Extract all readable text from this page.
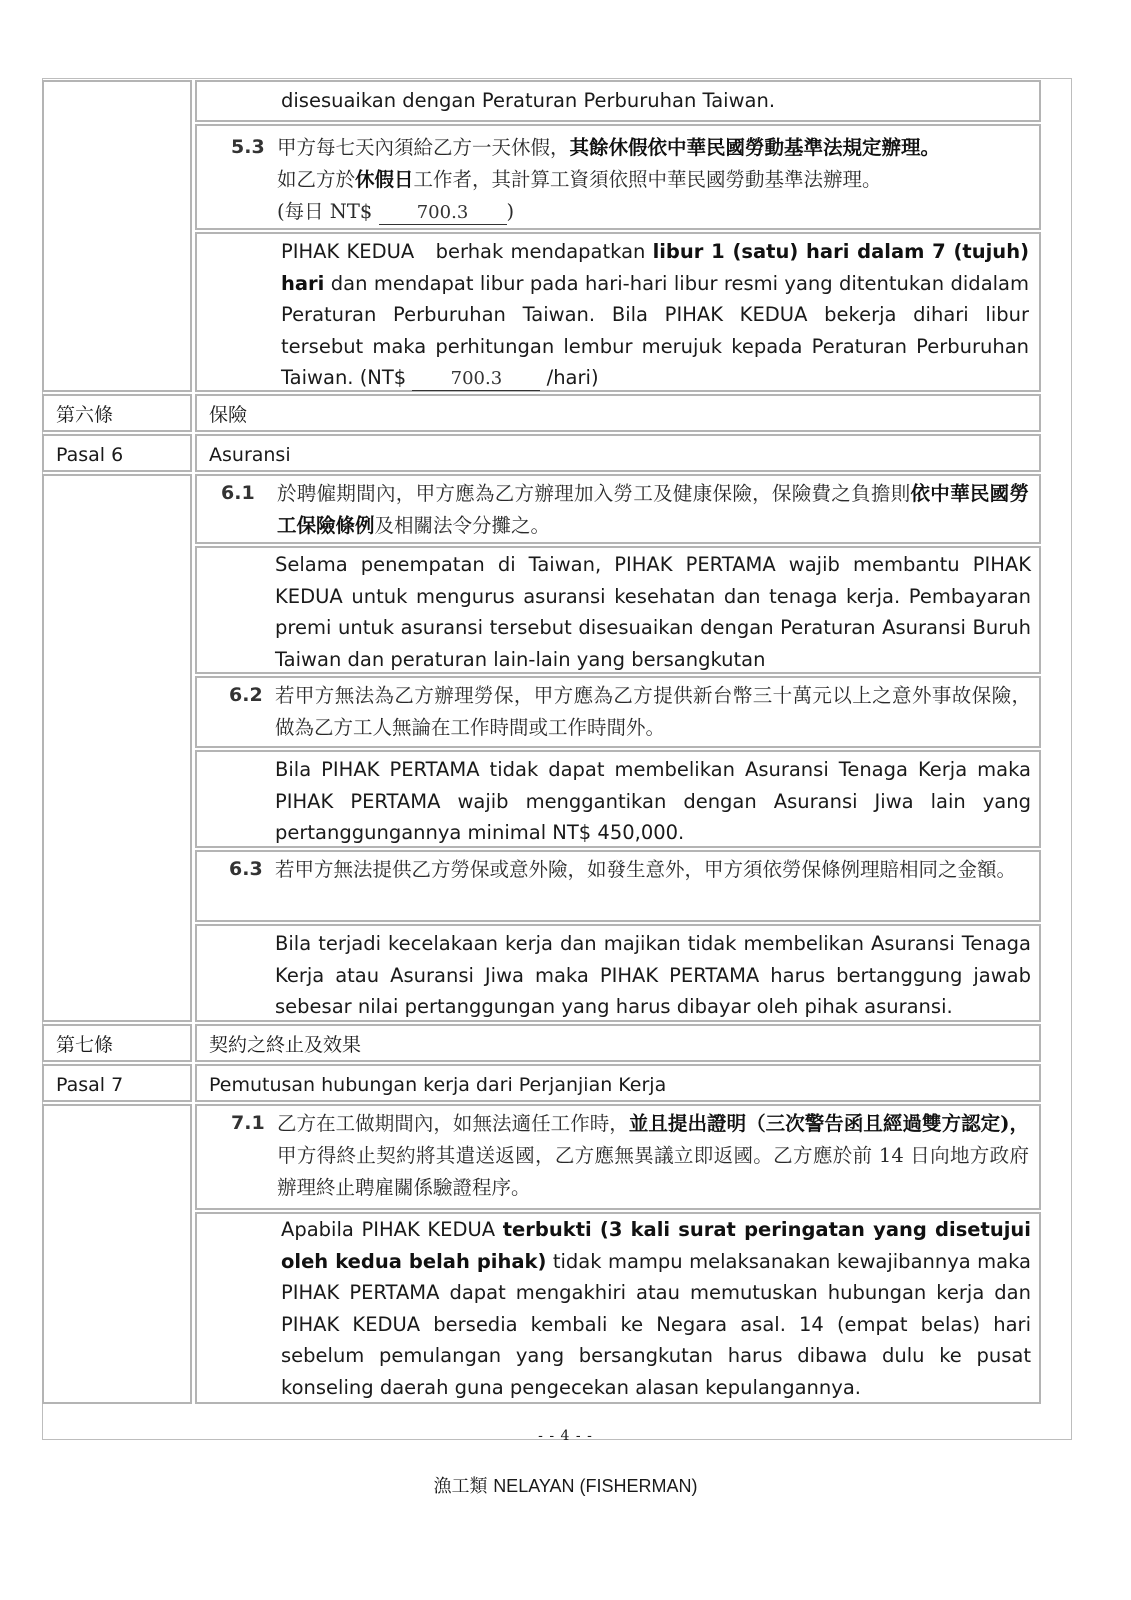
disesuaikan dengan Peraturan Perburuhan Taiwan.
5.3 甲方每七天內須給乙方一天休假，其餘休假依中華民國勞動基準法規定辦理。
如乙方於休假日工作者，其計算工資須依照中華民國勞動基準法辦理。
(每日 NT$ 700.3 )
PIHAK KEDUA　berhak mendapatkan libur 1 (satu) hari dalam 7 (tujuh) hari dan mendapat libur pada hari-hari libur resmi yang ditentukan didalam Peraturan Perburuhan Taiwan. Bila PIHAK KEDUA bekerja dihari libur tersebut maka perhitungan lembur merujuk kepada Peraturan Perburuhan Taiwan. (NT$ 700.3 /hari)
第六條	保險
Pasal 6	Asuransi
6.1 於聘僱期間內，甲方應為乙方辦理加入勞工及健康保險，保險費之負擔則依中華民國勞工保險條例及相關法令分攤之。
Selama penempatan di Taiwan, PIHAK PERTAMA wajib membantu PIHAK KEDUA untuk mengurus asuransi kesehatan dan tenaga kerja. Pembayaran premi untuk asuransi tersebut disesuaikan dengan Peraturan Asuransi Buruh Taiwan dan peraturan lain-lain yang bersangkutan
6.2 若甲方無法為乙方辦理勞保，甲方應為乙方提供新台幣三十萬元以上之意外事故保險，做為乙方工人無論在工作時間或工作時間外。
Bila PIHAK PERTAMA tidak dapat membelikan Asuransi Tenaga Kerja maka PIHAK PERTAMA wajib menggantikan dengan Asuransi Jiwa lain yang pertanggungannya minimal NT$ 450,000.
6.3 若甲方無法提供乙方勞保或意外險，如發生意外，甲方須依勞保條例理賠相同之金額。
Bila terjadi kecelakaan kerja dan majikan tidak membelikan Asuransi Tenaga Kerja atau Asuransi Jiwa maka PIHAK PERTAMA harus bertanggung jawab sebesar nilai pertanggungan yang harus dibayar oleh pihak asuransi.
第七條	契約之終止及效果
Pasal 7	Pemutusan hubungan kerja dari Perjanjian Kerja
7.1 乙方在工做期間內，如無法適任工作時，並且提出證明（三次警告函且經過雙方認定)，甲方得終止契約將其遣送返國，乙方應無異議立即返國。乙方應於前 14 日向地方政府辦理終止聘雇關係驗證程序。
Apabila PIHAK KEDUA terbukti (3 kali surat peringatan yang disetujui oleh kedua belah pihak) tidak mampu melaksanakan kewajibannya maka PIHAK PERTAMA dapat mengakhiri atau memutuskan hubungan kerja dan PIHAK KEDUA bersedia kembali ke Negara asal. 14 (empat belas) hari sebelum pemulangan yang bersangkutan harus dibawa dulu ke pusat konseling daerah guna pengecekan alasan kepulangannya.
- - 4 - -
漁工類 NELAYAN (FISHERMAN)
